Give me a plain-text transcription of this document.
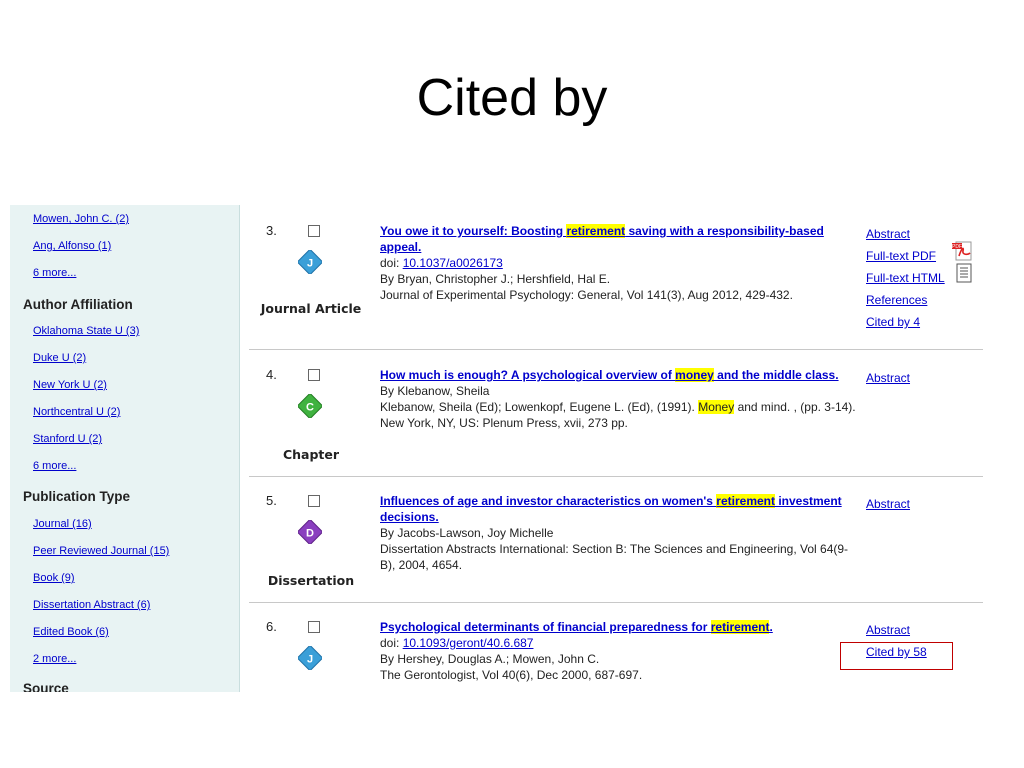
Cited by
Mowen, John C. (2)
Ang, Alfonso (1)
6 more...
Author Affiliation
Oklahoma State U (3)
Duke U (2)
New York U (2)
Northcentral U (2)
Stanford U (2)
6 more...
Publication Type
Journal (16)
Peer Reviewed Journal (15)
Book (9)
Dissertation Abstract (6)
Edited Book (6)
2 more...
Source
3.
J
Journal Article
You owe it to yourself: Boosting retirement saving with a responsibility-based appeal.
doi: 10.1037/a0026173
By Bryan, Christopher J.; Hershfield, Hal E.
Journal of Experimental Psychology: General, Vol 141(3), Aug 2012, 429-432.
Abstract
Full-text PDF
Full-text HTML
References
Cited by 4
PDF
4.
C
Chapter
How much is enough? A psychological overview of money and the middle class.
By Klebanow, Sheila
Klebanow, Sheila (Ed); Lowenkopf, Eugene L. (Ed), (1991). Money and mind. , (pp. 3-14). New York, NY, US: Plenum Press, xvii, 273 pp.
Abstract
5.
D
Dissertation
Influences of age and investor characteristics on women's retirement investment decisions.
By Jacobs-Lawson, Joy Michelle
Dissertation Abstracts International: Section B: The Sciences and Engineering, Vol 64(9-B), 2004, 4654.
Abstract
6.
J
Psychological determinants of financial preparedness for retirement.
doi: 10.1093/geront/40.6.687
By Hershey, Douglas A.; Mowen, John C.
The Gerontologist, Vol 40(6), Dec 2000, 687-697.
Abstract
Cited by 58
